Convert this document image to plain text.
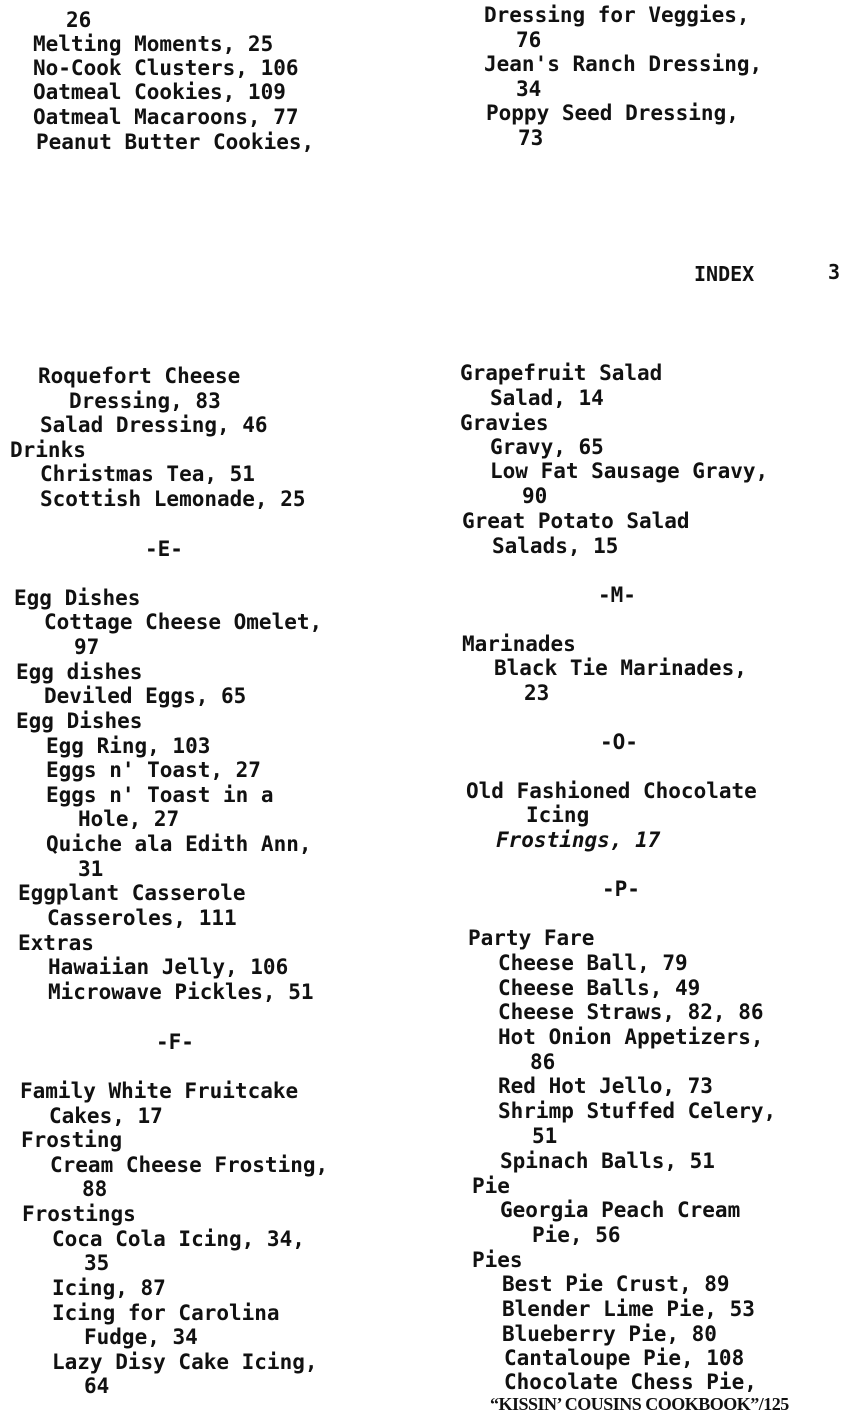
26
Melting Moments, 25
No-Cook Clusters, 106
Oatmeal Cookies, 109
Oatmeal Macaroons, 77
Peanut Butter Cookies,
Dressing for Veggies,
76
Jean's Ranch Dressing,
34
Poppy Seed Dressing,
73
INDEX	3
Roquefort Cheese
Dressing, 83
Salad Dressing, 46
Drinks
Christmas Tea, 51
Scottish Lemonade, 25
-E-
Egg Dishes
Cottage Cheese Omelet,
97
Egg dishes
Deviled Eggs, 65
Egg Dishes
Egg Ring, 103
Eggs n' Toast, 27
Eggs n' Toast in a
Hole, 27
Quiche ala Edith Ann,
31
Eggplant Casserole
Casseroles, 111
Extras
Hawaiian Jelly, 106
Microwave Pickles, 51
-F-
Family White Fruitcake
Cakes, 17
Frosting
Cream Cheese Frosting,
88
Frostings
Coca Cola Icing, 34,
35
Icing, 87
Icing for Carolina
Fudge, 34
Lazy Disy Cake Icing,
64
Grapefruit Salad
Salad, 14
Gravies
Gravy, 65
Low Fat Sausage Gravy,
90
Great Potato Salad
Salads, 15
-M-
Marinades
Black Tie Marinades,
23
-O-
Old Fashioned Chocolate
Icing
Frostings, 17
-P-
Party Fare
Cheese Ball, 79
Cheese Balls, 49
Cheese Straws, 82, 86
Hot Onion Appetizers,
86
Red Hot Jello, 73
Shrimp Stuffed Celery,
51
Spinach Balls, 51
Pie
Georgia Peach Cream
Pie, 56
Pies
Best Pie Crust, 89
Blender Lime Pie, 53
Blueberry Pie, 80
Cantaloupe Pie, 108
Chocolate Chess Pie,
“KISSIN’ COUSINS COOKBOOK”/125
